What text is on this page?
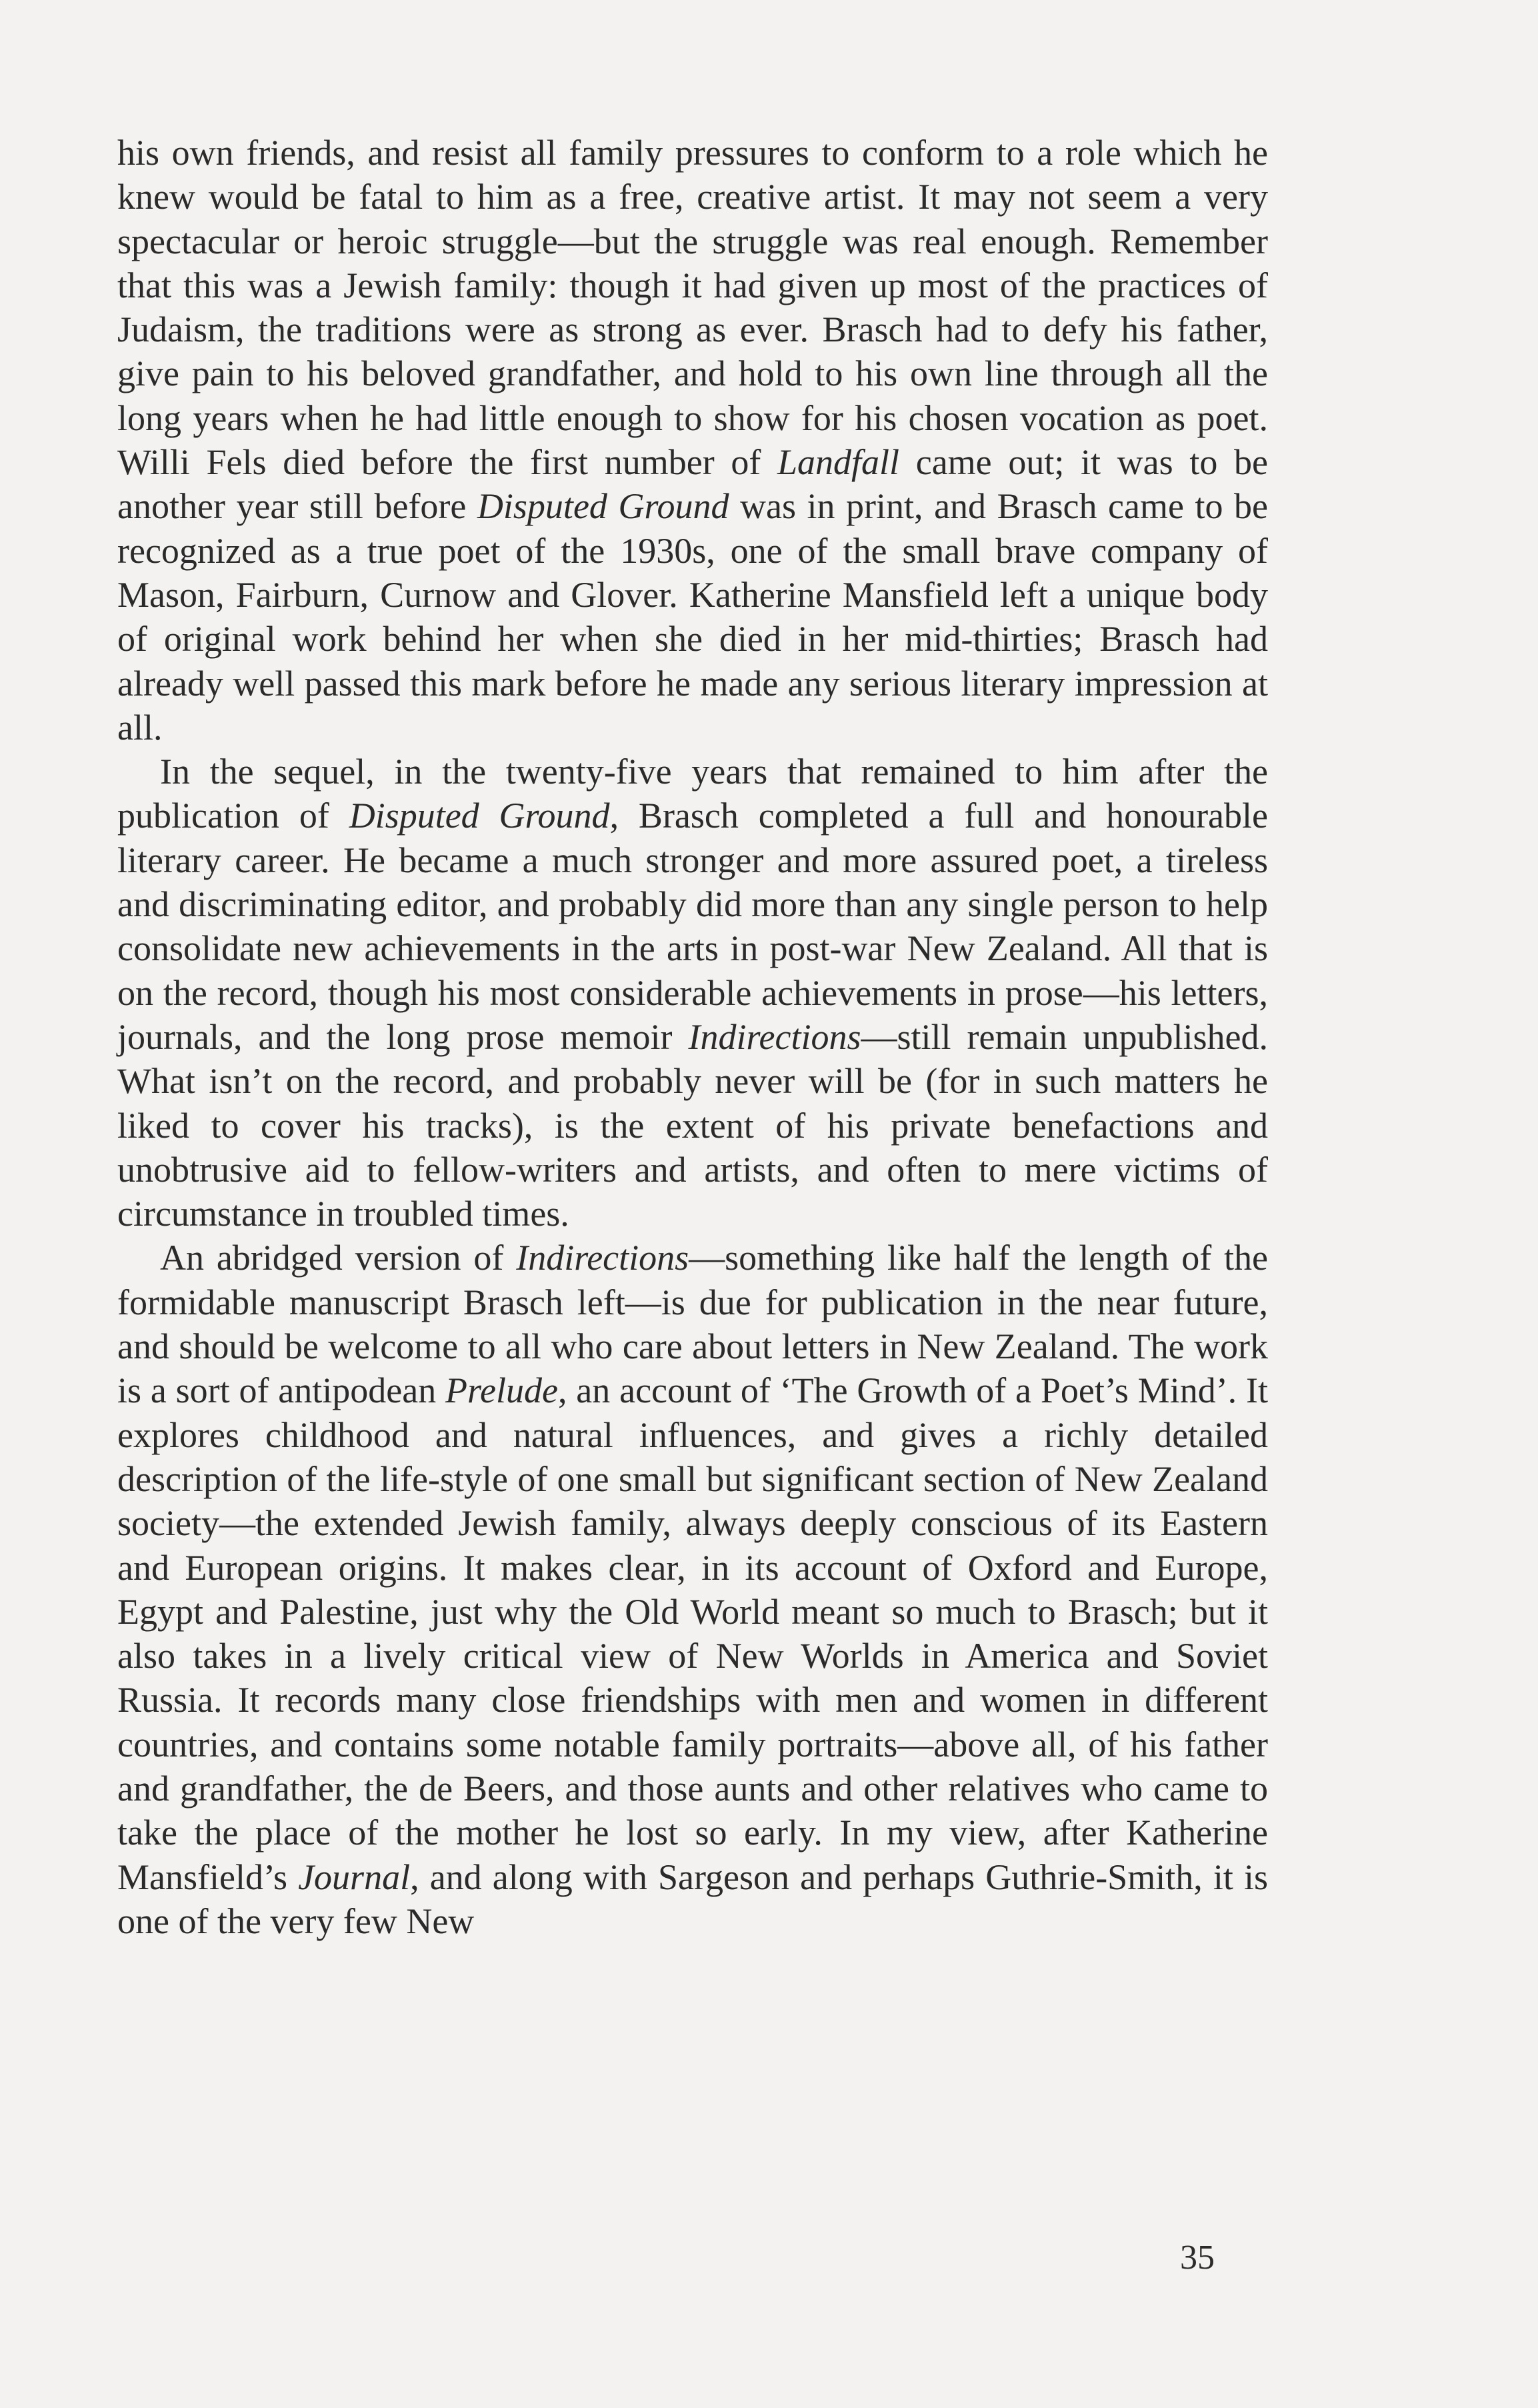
his own friends, and resist all family pressures to conform to a role which he knew would be fatal to him as a free, creative artist. It may not seem a very spectacular or heroic struggle—but the struggle was real enough. Remember that this was a Jewish family: though it had given up most of the practices of Judaism, the traditions were as strong as ever. Brasch had to defy his father, give pain to his beloved grandfather, and hold to his own line through all the long years when he had little enough to show for his chosen vocation as poet. Willi Fels died before the first number of Landfall came out; it was to be another year still before Disputed Ground was in print, and Brasch came to be recognized as a true poet of the 1930s, one of the small brave company of Mason, Fairburn, Curnow and Glover. Katherine Mansfield left a unique body of original work behind her when she died in her mid-thirties; Brasch had already well passed this mark before he made any serious literary impression at all.

In the sequel, in the twenty-five years that remained to him after the publication of Disputed Ground, Brasch completed a full and honourable literary career. He became a much stronger and more assured poet, a tireless and discriminating editor, and probably did more than any single person to help consolidate new achievements in the arts in post-war New Zealand. All that is on the record, though his most considerable achievements in prose—his letters, journals, and the long prose memoir Indirections—still remain unpublished. What isn’t on the record, and probably never will be (for in such matters he liked to cover his tracks), is the extent of his private benefactions and unobtrusive aid to fellow-writers and artists, and often to mere victims of circumstance in troubled times.

An abridged version of Indirections—something like half the length of the formidable manuscript Brasch left—is due for publication in the near future, and should be welcome to all who care about letters in New Zealand. The work is a sort of antipodean Prelude, an account of ‘The Growth of a Poet’s Mind’. It explores childhood and natural influences, and gives a richly detailed description of the life-style of one small but significant section of New Zealand society—the extended Jewish family, always deeply conscious of its Eastern and European origins. It makes clear, in its account of Oxford and Europe, Egypt and Palestine, just why the Old World meant so much to Brasch; but it also takes in a lively critical view of New Worlds in America and Soviet Russia. It records many close friendships with men and women in different countries, and contains some notable family portraits—above all, of his father and grandfather, the de Beers, and those aunts and other relatives who came to take the place of the mother he lost so early. In my view, after Katherine Mansfield’s Journal, and along with Sargeson and perhaps Guthrie-Smith, it is one of the very few New

35
